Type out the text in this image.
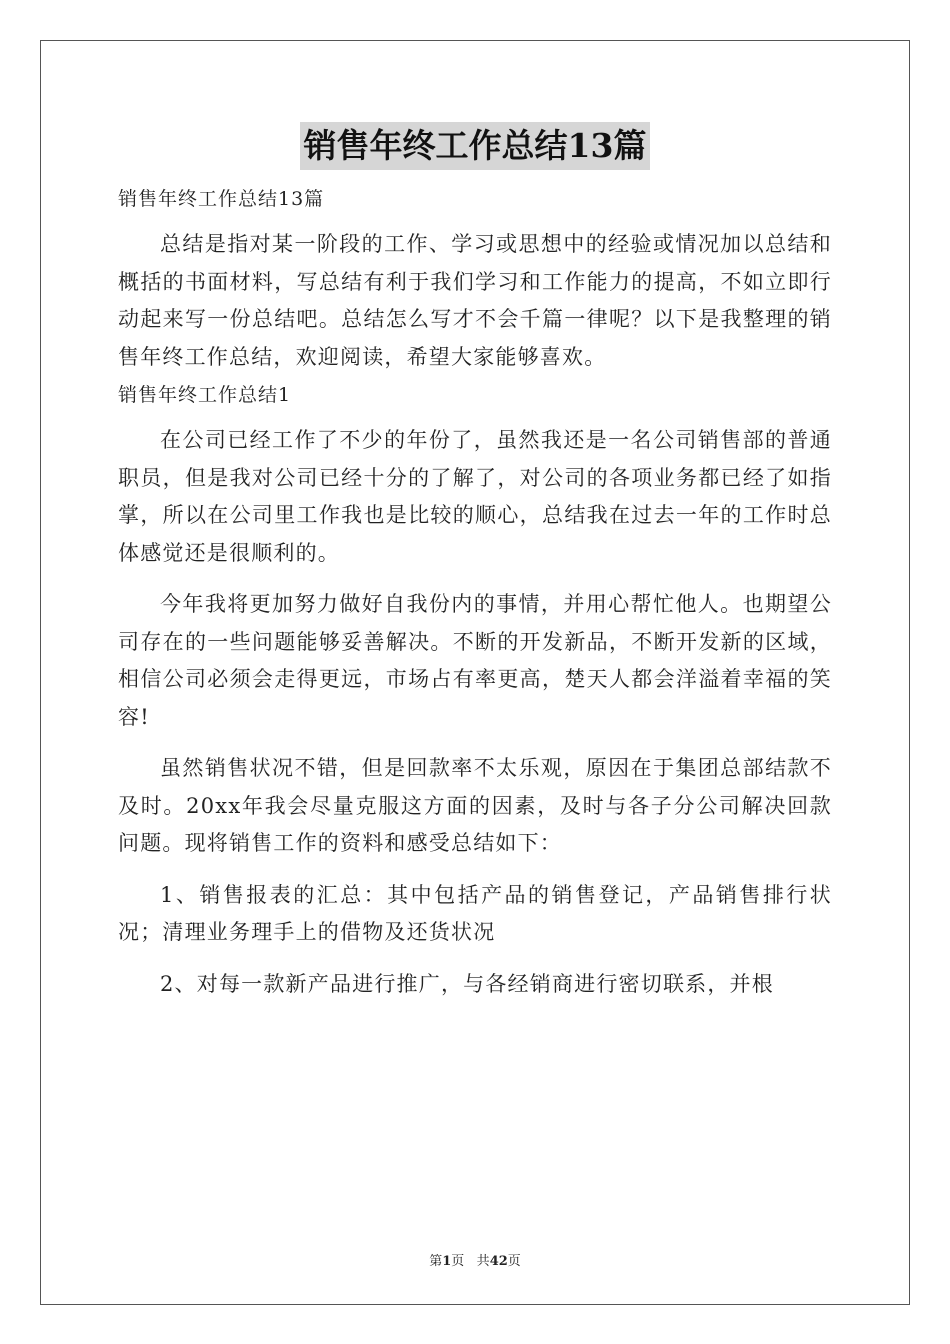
销售年终工作总结13篇

销售年终工作总结13篇

总结是指对某一阶段的工作、学习或思想中的经验或情况加以总结和概括的书面材料，写总结有利于我们学习和工作能力的提高，不如立即行动起来写一份总结吧。总结怎么写才不会千篇一律呢？以下是我整理的销售年终工作总结，欢迎阅读，希望大家能够喜欢。

销售年终工作总结1

在公司已经工作了不少的年份了，虽然我还是一名公司销售部的普通职员，但是我对公司已经十分的了解了，对公司的各项业务都已经了如指掌，所以在公司里工作我也是比较的顺心，总结我在过去一年的工作时总体感觉还是很顺利的。

今年我将更加努力做好自我份内的事情，并用心帮忙他人。也期望公司存在的一些问题能够妥善解决。不断的开发新品，不断开发新的区域，相信公司必须会走得更远，市场占有率更高，楚天人都会洋溢着幸福的笑容!

虽然销售状况不错，但是回款率不太乐观，原因在于集团总部结款不及时。20xx年我会尽量克服这方面的因素，及时与各子分公司解决回款问题。现将销售工作的资料和感受总结如下：

1、销售报表的汇总：其中包括产品的销售登记，产品销售排行状况；清理业务理手上的借物及还货状况

2、对每一款新产品进行推广，与各经销商进行密切联系，并根

第1页 共42页
